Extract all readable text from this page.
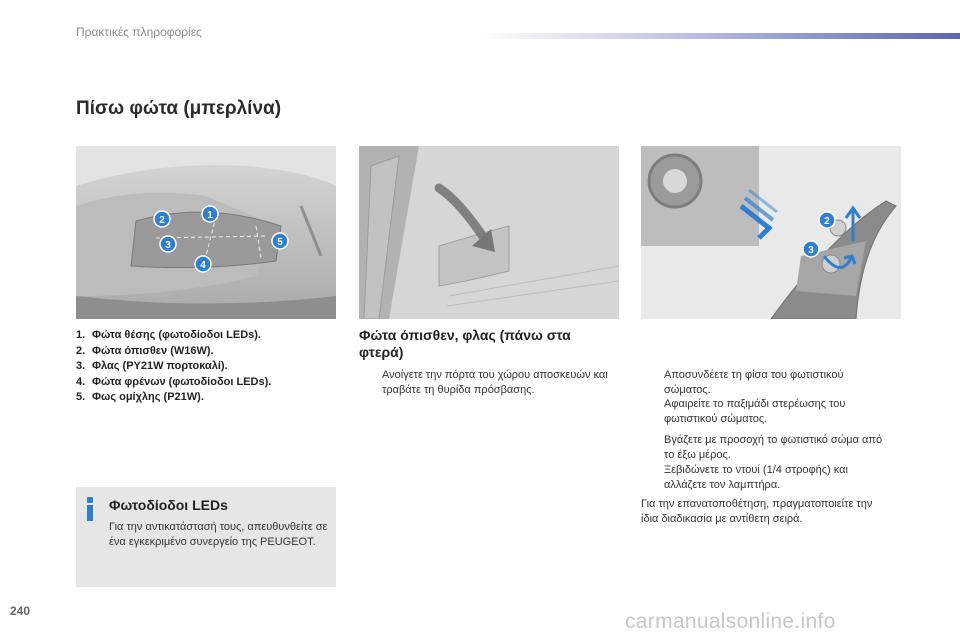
Πρακτικές πληροφορίες
Πίσω φώτα (μπερλίνα)
1
2
3
4
5
2
3
1. Φώτα θέσης (φωτοδίοδοι LEDs).
2. Φώτα όπισθεν (W16W).
3. Φλας (PY21W πορτοκαλί).
4. Φώτα φρένων (φωτοδίοδοι LEDs).
5. Φως ομίχλης (P21W).
Φωτοδίοδοι LEDs
Για την αντικατάστασή τους, απευθυνθείτε σε ένα εγκεκριμένο συνεργείο της PEUGEOT.
Φώτα όπισθεν, φλας (πάνω στα φτερά)
Ανοίγετε την πόρτα του χώρου αποσκευών και τραβάτε τη θυρίδα πρόσβασης.
Αποσυνδέετε τη φίσα του φωτιστικού σώματος.
Αφαιρείτε το παξιμάδι στερέωσης του φωτιστικού σώματος.
Βγάζετε με προσοχή το φωτιστικό σώμα από το έξω μέρος.
Ξεβιδώνετε το ντουί (1/4 στροφής) και αλλάζετε τον λαμπτήρα.
Για την επανατοποθέτηση, πραγματοποιείτε την ίδια διαδικασία με αντίθετη σειρά.
240	carmanualsonline.info
